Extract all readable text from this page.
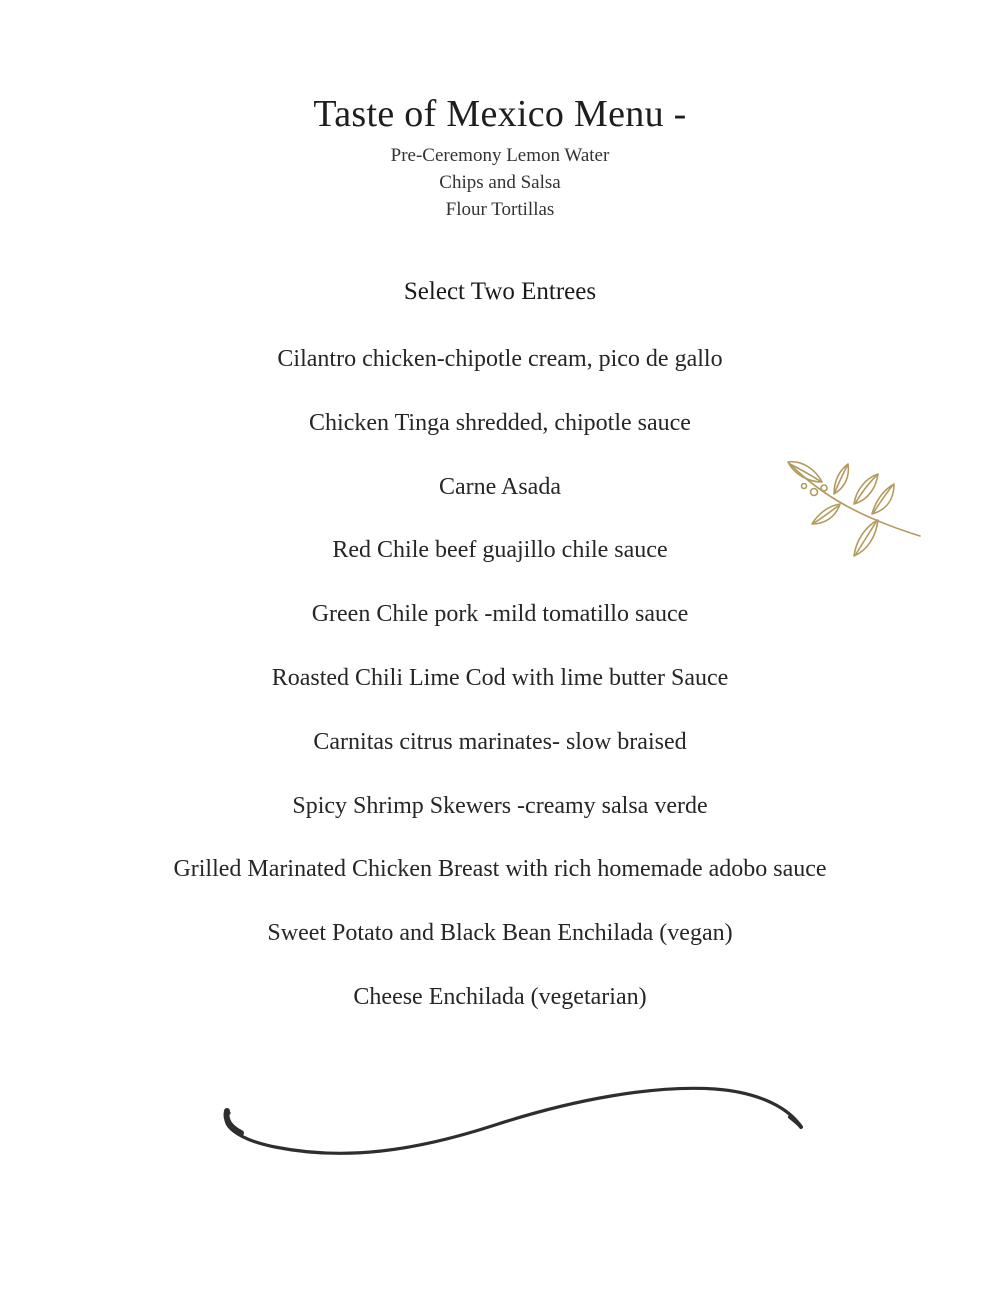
Taste of Mexico Menu -
Pre-Ceremony Lemon Water
Chips and Salsa
Flour Tortillas
Select Two Entrees
Cilantro chicken-chipotle cream, pico de gallo
Chicken Tinga shredded, chipotle sauce
Carne Asada
Red Chile beef guajillo chile sauce
Green Chile pork -mild tomatillo sauce
Roasted Chili Lime Cod with lime butter Sauce
Carnitas citrus marinates- slow braised
Spicy Shrimp Skewers -creamy salsa verde
Grilled Marinated Chicken Breast with rich homemade adobo sauce
Sweet Potato and Black Bean Enchilada (vegan)
Cheese Enchilada (vegetarian)
